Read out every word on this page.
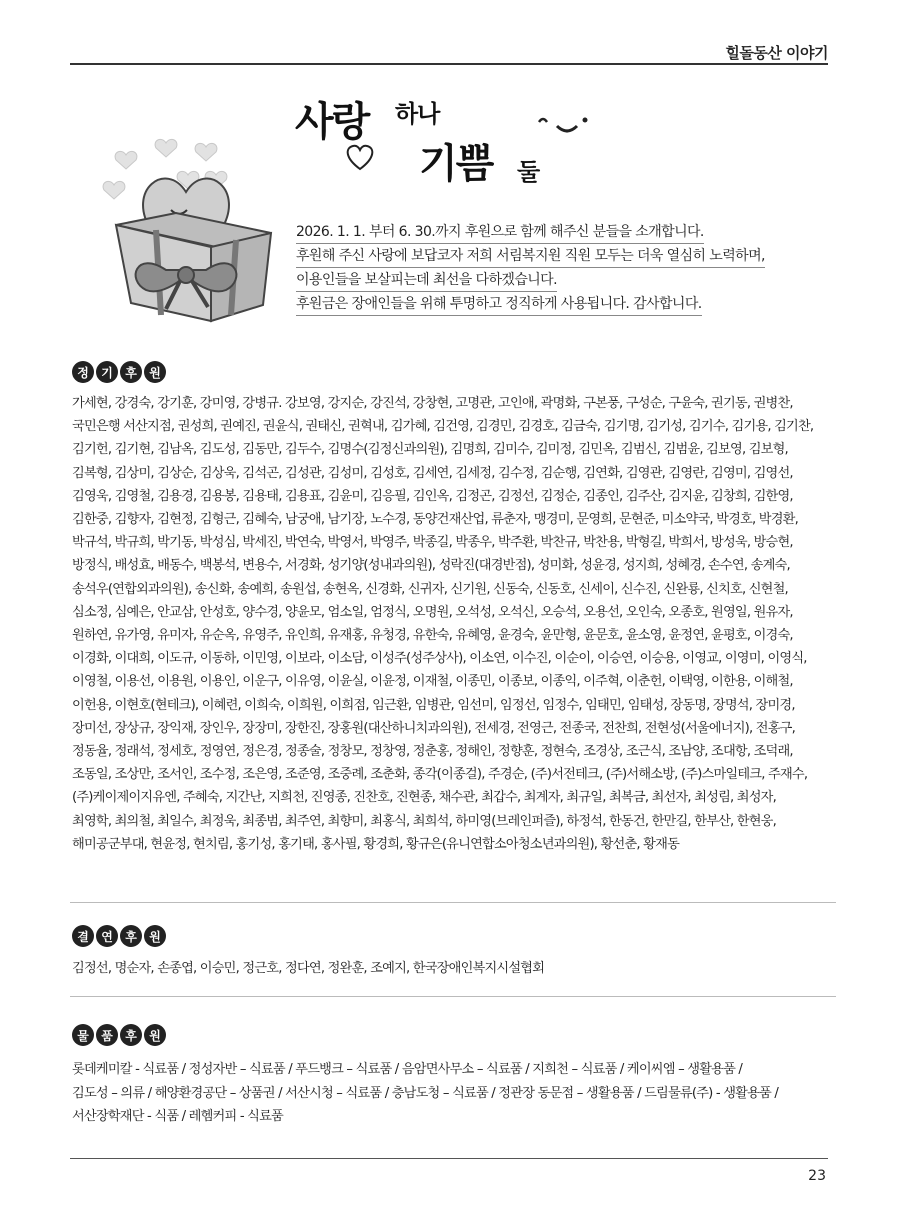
힐돌동산 이야기
사랑 하나
기쁨 둘
2026. 1. 1. 부터 6. 30.까지 후원으로 함께 해주신 분들을 소개합니다.
후원해 주신 사랑에 보답코자 저희 서림복지원 직원 모두는 더욱 열심히 노력하며,
이용인들을 보살피는데 최선을 다하겠습니다.
후원금은 장애인들을 위해 투명하고 정직하게 사용됩니다. 감사합니다.
정	기	후	원
가세현, 강경숙, 강기훈, 강미영, 강병규. 강보영, 강지순, 강진석, 강창현, 고명관, 고인애, 곽명화, 구본풍, 구성순, 구윤숙, 권기동, 권병찬,
국민은행 서산지점, 권성희, 권예진, 권윤식, 권태신, 권혁내, 김가혜, 김건영, 김경민, 김경호, 김금숙, 김기명, 김기성, 김기수, 김기용, 김기찬,
김기헌, 김기현, 김남옥, 김도성, 김동만, 김두수, 김명수(김정신과의원), 김명희, 김미수, 김미정, 김민옥, 김범신, 김범윤, 김보영, 김보형,
김복형, 김상미, 김상순, 김상욱, 김석곤, 김성관, 김성미, 김성호, 김세연, 김세정, 김수정, 김순행, 김연화, 김영관, 김영란, 김영미, 김영선,
김영욱, 김영철, 김용경, 김용봉, 김용태, 김용표, 김윤미, 김응필, 김인옥, 김정곤, 김정선, 김정순, 김종인, 김주산, 김지윤, 김창희, 김한영,
김한중, 김향자, 김현정, 김형근, 김혜숙, 남궁애, 남기장, 노수경, 동양건재산업, 류춘자, 맹경미, 문영희, 문현준, 미소약국, 박경호, 박경환,
박규석, 박규희, 박기동, 박성심, 박세진, 박연숙, 박영서, 박영주, 박종길, 박종우, 박주환, 박찬규, 박찬용, 박형길, 박희서, 방성욱, 방승현,
방정식, 배성효, 배동수, 백봉석, 변용수, 서경화, 성기양(성내과의원), 성락진(대경반점), 성미화, 성윤경, 성지희, 성혜경, 손수연, 송계숙,
송석우(연합외과의원), 송신화, 송예희, 송원섭, 송현옥, 신경화, 신귀자, 신기원, 신동숙, 신동호, 신세이, 신수진, 신완룡, 신치호, 신현철,
심소정, 심예은, 안교삼, 안성호, 양수경, 양윤모, 엄소일, 엄정식, 오명원, 오석성, 오석신, 오승석, 오용선, 오인숙, 오종호, 원영일, 원유자,
원하연, 유가영, 유미자, 유순옥, 유영주, 유인희, 유재홍, 유청경, 유한숙, 유혜영, 윤경숙, 윤만형, 윤문호, 윤소영, 윤정연, 윤평호, 이경숙,
이경화, 이대희, 이도규, 이동하, 이민영, 이보라, 이소담, 이성주(성주상사), 이소연, 이수진, 이순이, 이승연, 이승용, 이영교, 이영미, 이영식,
이영철, 이용선, 이용원, 이용인, 이운구, 이유영, 이윤실, 이윤정, 이재철, 이종민, 이종보, 이종익, 이주혁, 이춘헌, 이택영, 이한용, 이해철,
이헌용, 이현호(현테크), 이혜련, 이희숙, 이희원, 이희점, 임근환, 임병관, 임선미, 임정선, 임정수, 임태민, 임태성, 장동명, 장명석, 장미경,
장미선, 장상규, 장익재, 장인우, 장장미, 장한진, 장홍원(대산하니치과의원), 전세경, 전영근, 전종국, 전찬희, 전현성(서울에너지), 전홍구,
정동율, 정래석, 정세호, 정영연, 정은경, 정종술, 정창모, 정창영, 정춘홍, 정해인, 정향훈, 정현숙, 조경상, 조근식, 조남양, 조대항, 조덕래,
조동일, 조상만, 조서인, 조수정, 조은영, 조준영, 조중례, 조춘화, 종각(이종걸), 주경순, (주)서전테크, (주)서해소방, (주)스마일테크, 주재수,
(주)케이제이지유엔, 주혜숙, 지간난, 지희천, 진영종, 진찬호, 진현종, 채수관, 최갑수, 최계자, 최규일, 최복금, 최선자, 최성림, 최성자,
최영학, 최의철, 최일수, 최정욱, 최종범, 최주연, 최향미, 최홍식, 최희석, 하미영(브레인퍼즐), 하정석, 한동건, 한만길, 한부산, 한현웅,
해미공군부대, 현윤정, 현치림, 홍기성, 홍기태, 홍사필, 황경희, 황규은(유니연합소아청소년과의원), 황선춘, 황재동
결	연	후	원
김정선, 명순자, 손종엽, 이승민, 정근호, 정다연, 정완훈, 조예지, 한국장애인복지시설협회
물	품	후	원
롯데케미칼 - 식료품 / 정성자반 – 식료품 / 푸드뱅크 – 식료품 / 음암면사무소 – 식료품 / 지희천 – 식료품 / 케이씨엠 – 생활용품 /
김도성 – 의류 / 해양환경공단 – 상품권 / 서산시청 – 식료품 / 충남도청 – 식료품 / 정관장 동문점 – 생활용품 / 드림물류(주) - 생활용품 /
서산장학재단 - 식품 / 레헴커피 - 식료품
23
